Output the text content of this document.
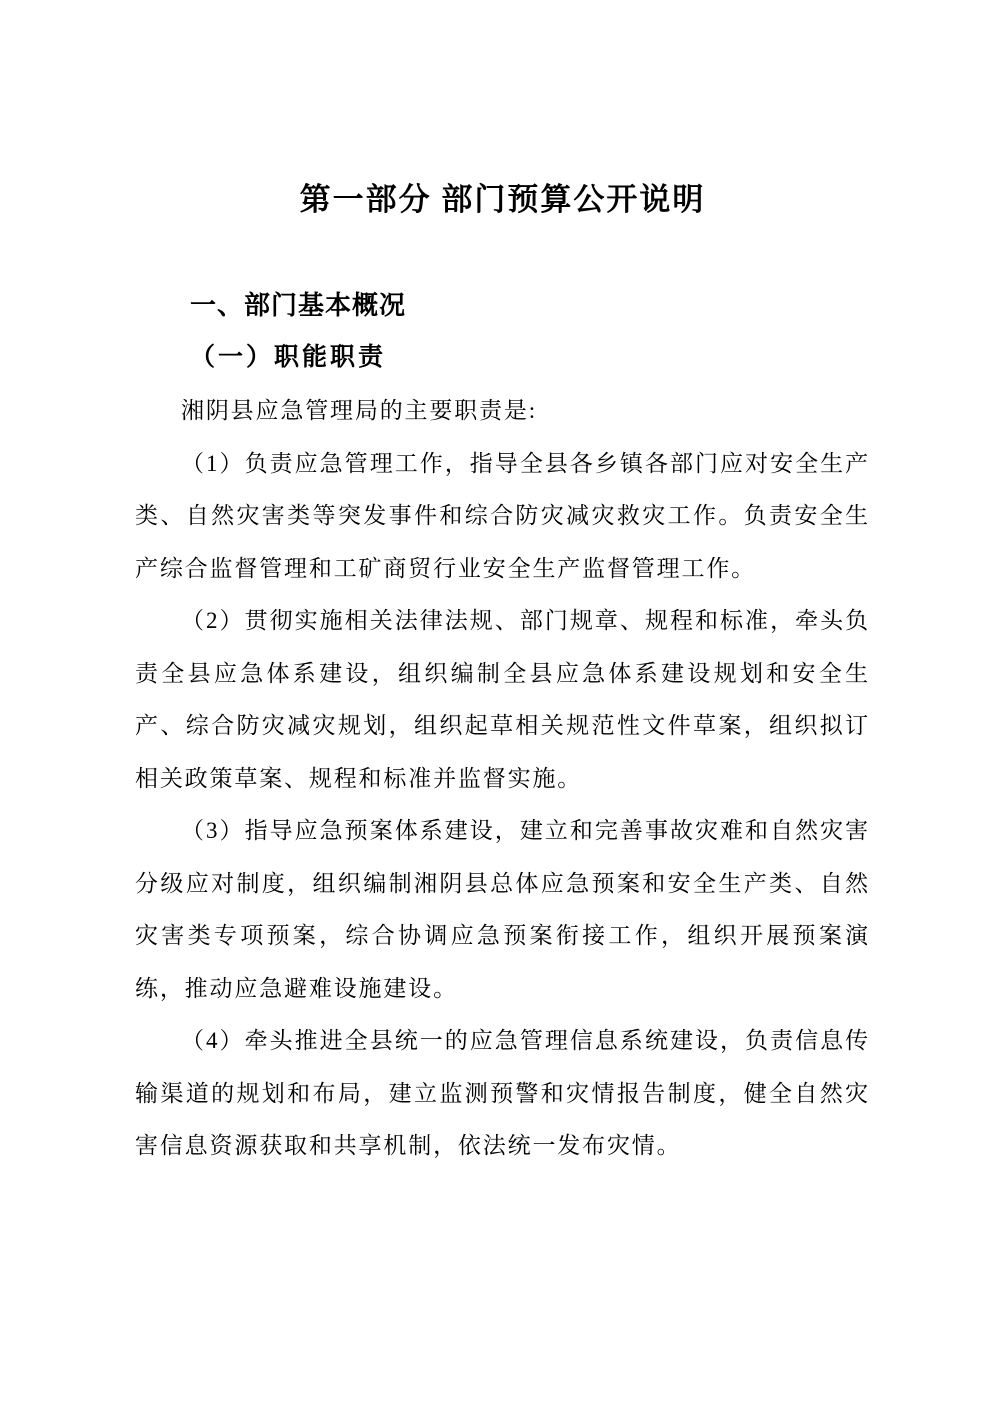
第一部分 部门预算公开说明
一、部门基本概况
（一）职能职责

湘阴县应急管理局的主要职责是:

（1）负责应急管理工作，指导全县各乡镇各部门应对安全生产类、自然灾害类等突发事件和综合防灾减灾救灾工作。负责安全生产综合监督管理和工矿商贸行业安全生产监督管理工作。

（2）贯彻实施相关法律法规、部门规章、规程和标准，牵头负责全县应急体系建设，组织编制全县应急体系建设规划和安全生产、综合防灾减灾规划，组织起草相关规范性文件草案，组织拟订相关政策草案、规程和标准并监督实施。

（3）指导应急预案体系建设，建立和完善事故灾难和自然灾害分级应对制度，组织编制湘阴县总体应急预案和安全生产类、自然灾害类专项预案，综合协调应急预案衔接工作，组织开展预案演练，推动应急避难设施建设。

（4）牵头推进全县统一的应急管理信息系统建设，负责信息传输渠道的规划和布局，建立监测预警和灾情报告制度，健全自然灾害信息资源获取和共享机制，依法统一发布灾情。
